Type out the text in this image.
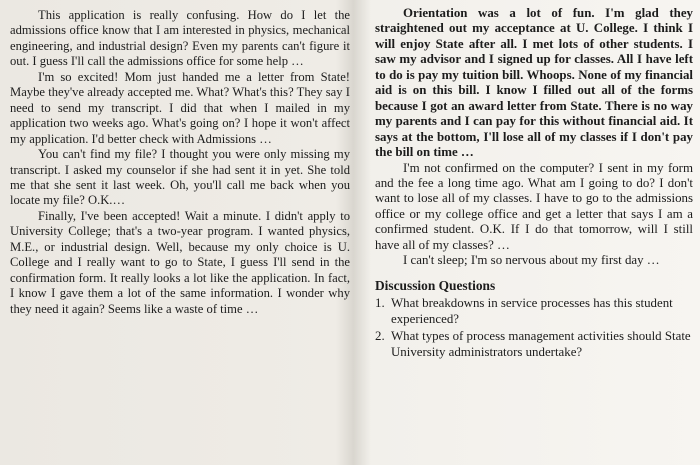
This application is really confusing. How do I let the admissions office know that I am interested in physics, mechanical engineering, and industrial design? Even my parents can't figure it out. I guess I'll call the admissions office for some help …

I'm so excited! Mom just handed me a letter from State! Maybe they've already accepted me. What? What's this? They say I need to send my transcript. I did that when I mailed in my application two weeks ago. What's going on? I hope it won't affect my application. I'd better check with Admissions …

You can't find my file? I thought you were only missing my transcript. I asked my counselor if she had sent it in yet. She told me that she sent it last week. Oh, you'll call me back when you locate my file? O.K.…

Finally, I've been accepted! Wait a minute. I didn't apply to University College; that's a two-year program. I wanted physics, M.E., or industrial design. Well, because my only choice is U. College and I really want to go to State, I guess I'll send in the confirmation form. It really looks a lot like the application. In fact, I know I gave them a lot of the same information. I wonder why they need it again? Seems like a waste of time …

Orientation was a lot of fun. I'm glad they straightened out my acceptance at U. College. I think I will enjoy State after all. I met lots of other students. I saw my advisor and I signed up for classes. All I have left to do is pay my tuition bill. Whoops. None of my financial aid is on this bill. I know I filled out all of the forms because I got an award letter from State. There is no way my parents and I can pay for this without financial aid. It says at the bottom, I'll lose all of my classes if I don't pay the bill on time …

I'm not confirmed on the computer? I sent in my form and the fee a long time ago. What am I going to do? I don't want to lose all of my classes. I have to go to the admissions office or my college office and get a letter that says I am a confirmed student. O.K. If I do that tomorrow, will I still have all of my classes? …

I can't sleep; I'm so nervous about my first day …

Discussion Questions
1. What breakdowns in service processes has this student experienced?
2. What types of process management activities should State University administrators undertake?
